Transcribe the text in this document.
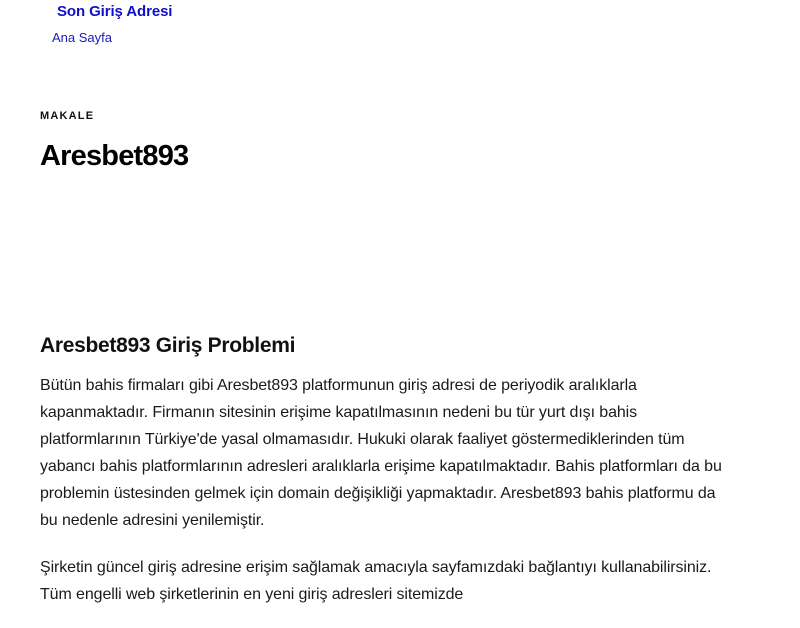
Son Giriş Adresi
Ana Sayfa
MAKALE
Aresbet893
Aresbet893 Giriş Problemi

Bütün bahis firmaları gibi Aresbet893 platformunun giriş adresi de periyodik aralıklarla kapanmaktadır. Firmanın sitesinin erişime kapatılmasının nedeni bu tür yurt dışı bahis platformlarının Türkiye'de yasal olmamasıdır. Hukuki olarak faaliyet göstermediklerinden tüm yabancı bahis platformlarının adresleri aralıklarla erişime kapatılmaktadır. Bahis platformları da bu problemin üstesinden gelmek için domain değişikliği yapmaktadır. Aresbet893 bahis platformu da bu nedenle adresini yenilemiştir.

Şirketin güncel giriş adresine erişim sağlamak amacıyla sayfamızdaki bağlantıyı kullanabilirsiniz. Tüm engelli web şirketlerinin en yeni giriş adresleri sitemizde
